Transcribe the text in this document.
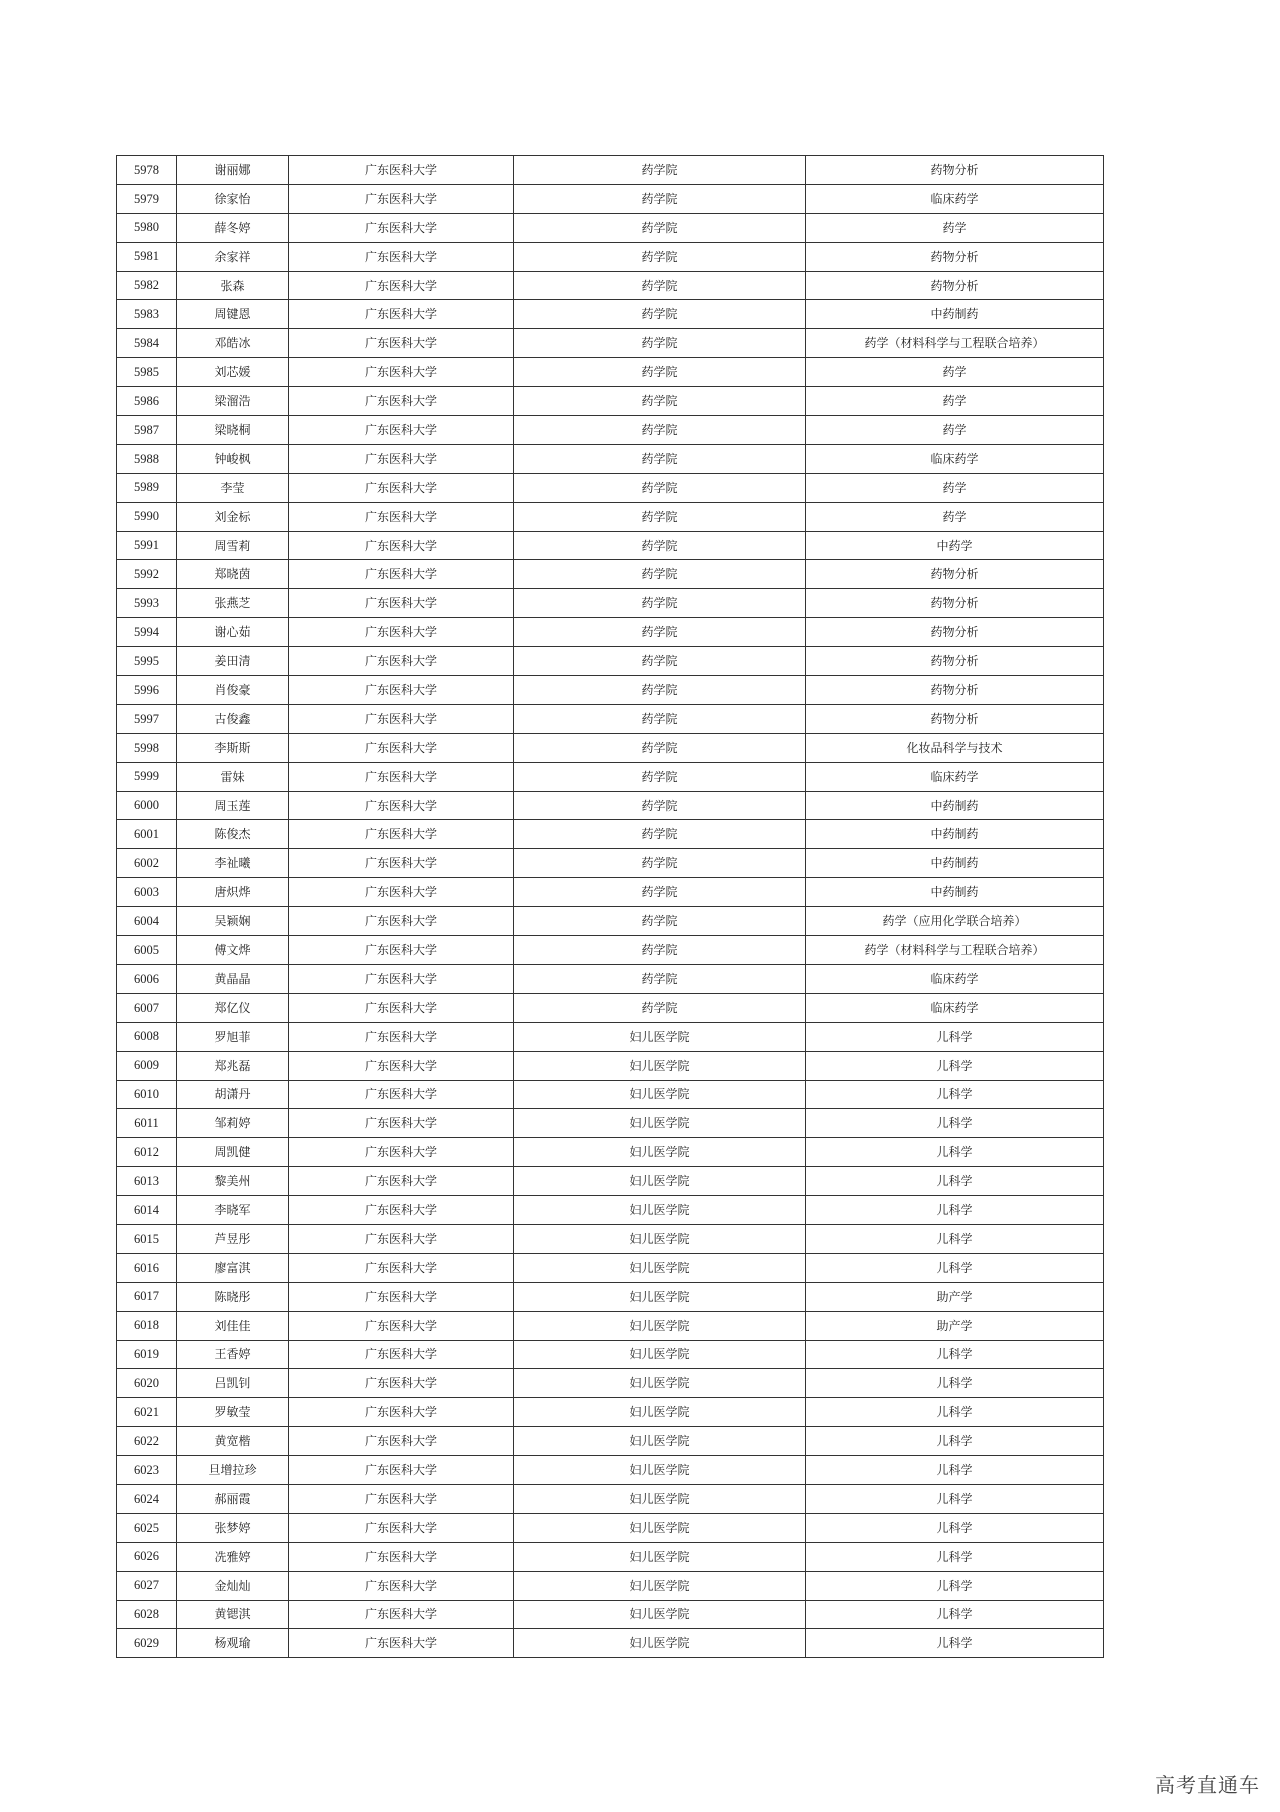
5978	谢丽娜	广东医科大学	药学院	药物分析
5979	徐家怡	广东医科大学	药学院	临床药学
5980	薛冬婷	广东医科大学	药学院	药学
5981	余家祥	广东医科大学	药学院	药物分析
5982	张森	广东医科大学	药学院	药物分析
5983	周键恩	广东医科大学	药学院	中药制药
5984	邓皓冰	广东医科大学	药学院	药学（材料科学与工程联合培养）
5985	刘芯媛	广东医科大学	药学院	药学
5986	梁溜浩	广东医科大学	药学院	药学
5987	梁晓桐	广东医科大学	药学院	药学
5988	钟峻枫	广东医科大学	药学院	临床药学
5989	李莹	广东医科大学	药学院	药学
5990	刘金标	广东医科大学	药学院	药学
5991	周雪莉	广东医科大学	药学院	中药学
5992	郑晓茵	广东医科大学	药学院	药物分析
5993	张燕芝	广东医科大学	药学院	药物分析
5994	谢心茹	广东医科大学	药学院	药物分析
5995	姜田清	广东医科大学	药学院	药物分析
5996	肖俊豪	广东医科大学	药学院	药物分析
5997	古俊鑫	广东医科大学	药学院	药物分析
5998	李斯斯	广东医科大学	药学院	化妆品科学与技术
5999	雷妹	广东医科大学	药学院	临床药学
6000	周玉莲	广东医科大学	药学院	中药制药
6001	陈俊杰	广东医科大学	药学院	中药制药
6002	李祉曦	广东医科大学	药学院	中药制药
6003	唐炽烨	广东医科大学	药学院	中药制药
6004	吴颖娴	广东医科大学	药学院	药学（应用化学联合培养）
6005	傅文烨	广东医科大学	药学院	药学（材料科学与工程联合培养）
6006	黄晶晶	广东医科大学	药学院	临床药学
6007	郑亿仪	广东医科大学	药学院	临床药学
6008	罗旭菲	广东医科大学	妇儿医学院	儿科学
6009	郑兆磊	广东医科大学	妇儿医学院	儿科学
6010	胡潇丹	广东医科大学	妇儿医学院	儿科学
6011	邹莉婷	广东医科大学	妇儿医学院	儿科学
6012	周凯健	广东医科大学	妇儿医学院	儿科学
6013	黎美州	广东医科大学	妇儿医学院	儿科学
6014	李晓军	广东医科大学	妇儿医学院	儿科学
6015	芦昱彤	广东医科大学	妇儿医学院	儿科学
6016	廖富淇	广东医科大学	妇儿医学院	儿科学
6017	陈晓彤	广东医科大学	妇儿医学院	助产学
6018	刘佳佳	广东医科大学	妇儿医学院	助产学
6019	王香婷	广东医科大学	妇儿医学院	儿科学
6020	吕凯钊	广东医科大学	妇儿医学院	儿科学
6021	罗敏莹	广东医科大学	妇儿医学院	儿科学
6022	黄宽楷	广东医科大学	妇儿医学院	儿科学
6023	旦增拉珍	广东医科大学	妇儿医学院	儿科学
6024	郝丽霞	广东医科大学	妇儿医学院	儿科学
6025	张梦婷	广东医科大学	妇儿医学院	儿科学
6026	冼雅婷	广东医科大学	妇儿医学院	儿科学
6027	金灿灿	广东医科大学	妇儿医学院	儿科学
6028	黄锶淇	广东医科大学	妇儿医学院	儿科学
6029	杨观瑜	广东医科大学	妇儿医学院	儿科学
高考直通车
